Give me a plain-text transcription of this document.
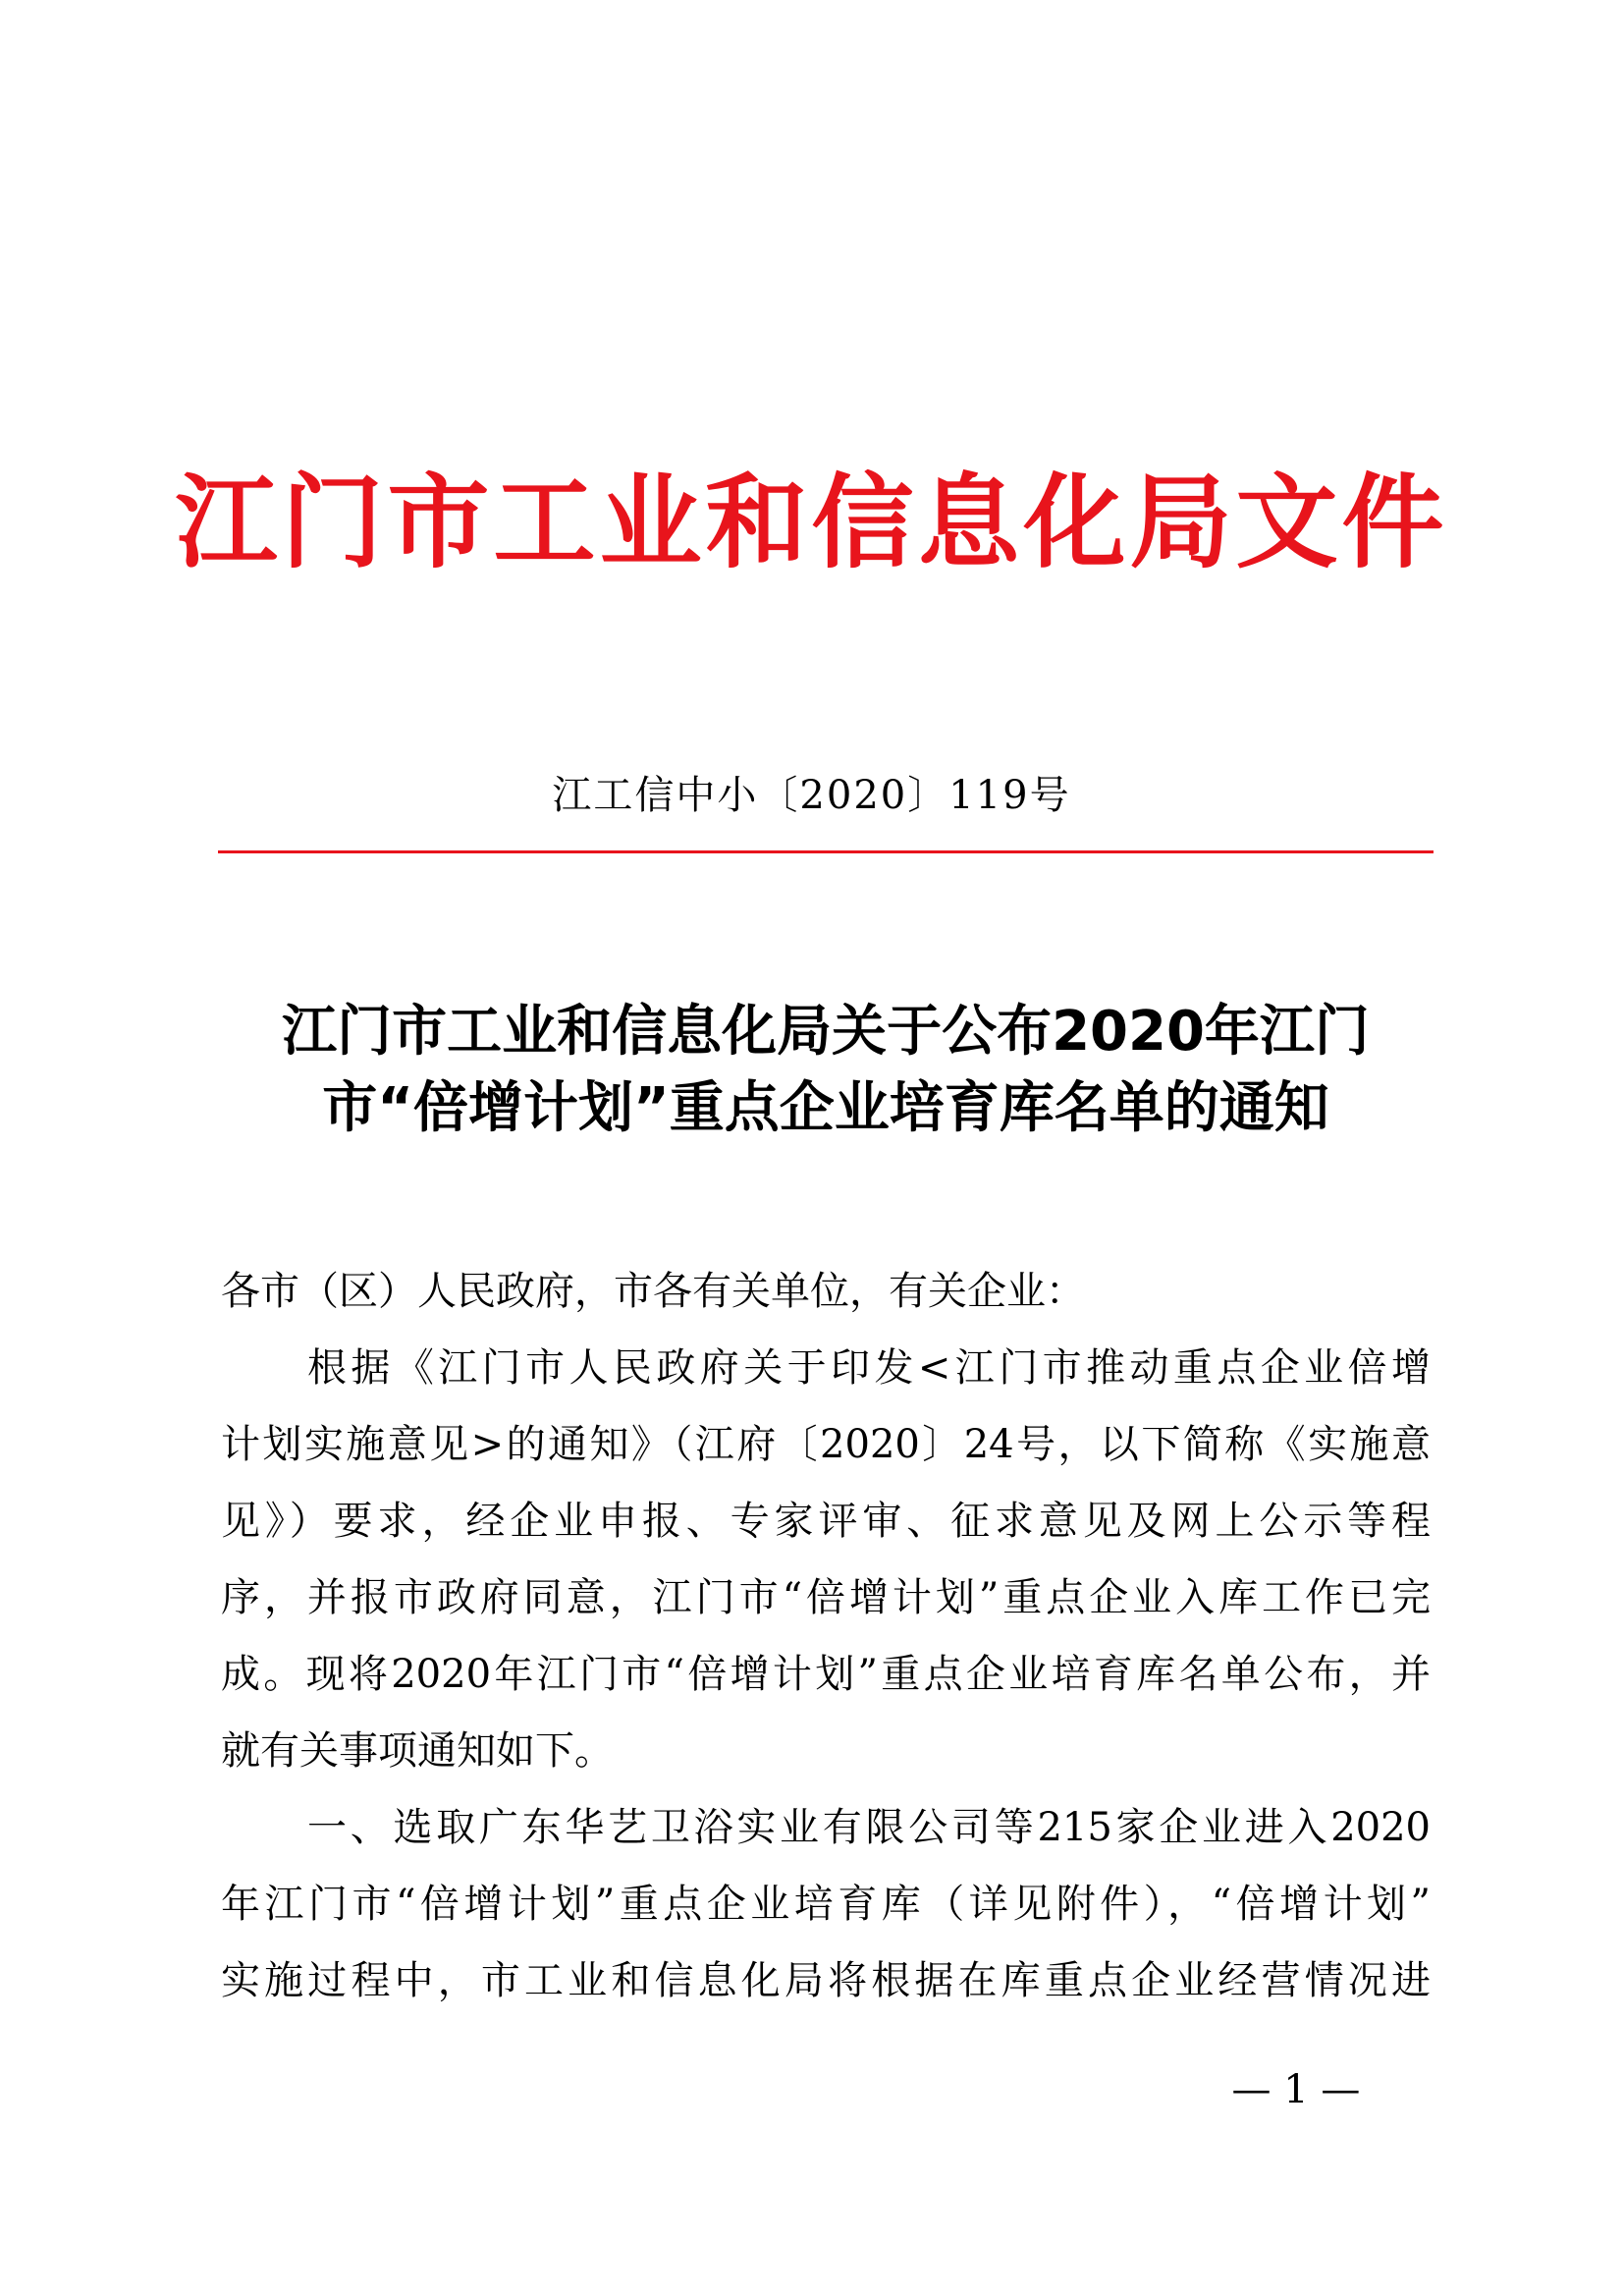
江门市工业和信息化局文件
江工信中小〔2020〕119号
江门市工业和信息化局关于公布2020年江门
市“倍增计划”重点企业培育库名单的通知
各市（区）人民政府，市各有关单位，有关企业：
根据《江门市人民政府关于印发<江门市推动重点企业倍增
计划实施意见>的通知》（江府〔2020〕24号，以下简称《实施意
见》）要求，经企业申报、专家评审、征求意见及网上公示等程
序，并报市政府同意，江门市“倍增计划”重点企业入库工作已完
成。现将2020年江门市“倍增计划”重点企业培育库名单公布，并
就有关事项通知如下。
一、选取广东华艺卫浴实业有限公司等215家企业进入2020
年江门市“倍增计划”重点企业培育库（详见附件），“倍增计划”
实施过程中，市工业和信息化局将根据在库重点企业经营情况进
— 1 —
